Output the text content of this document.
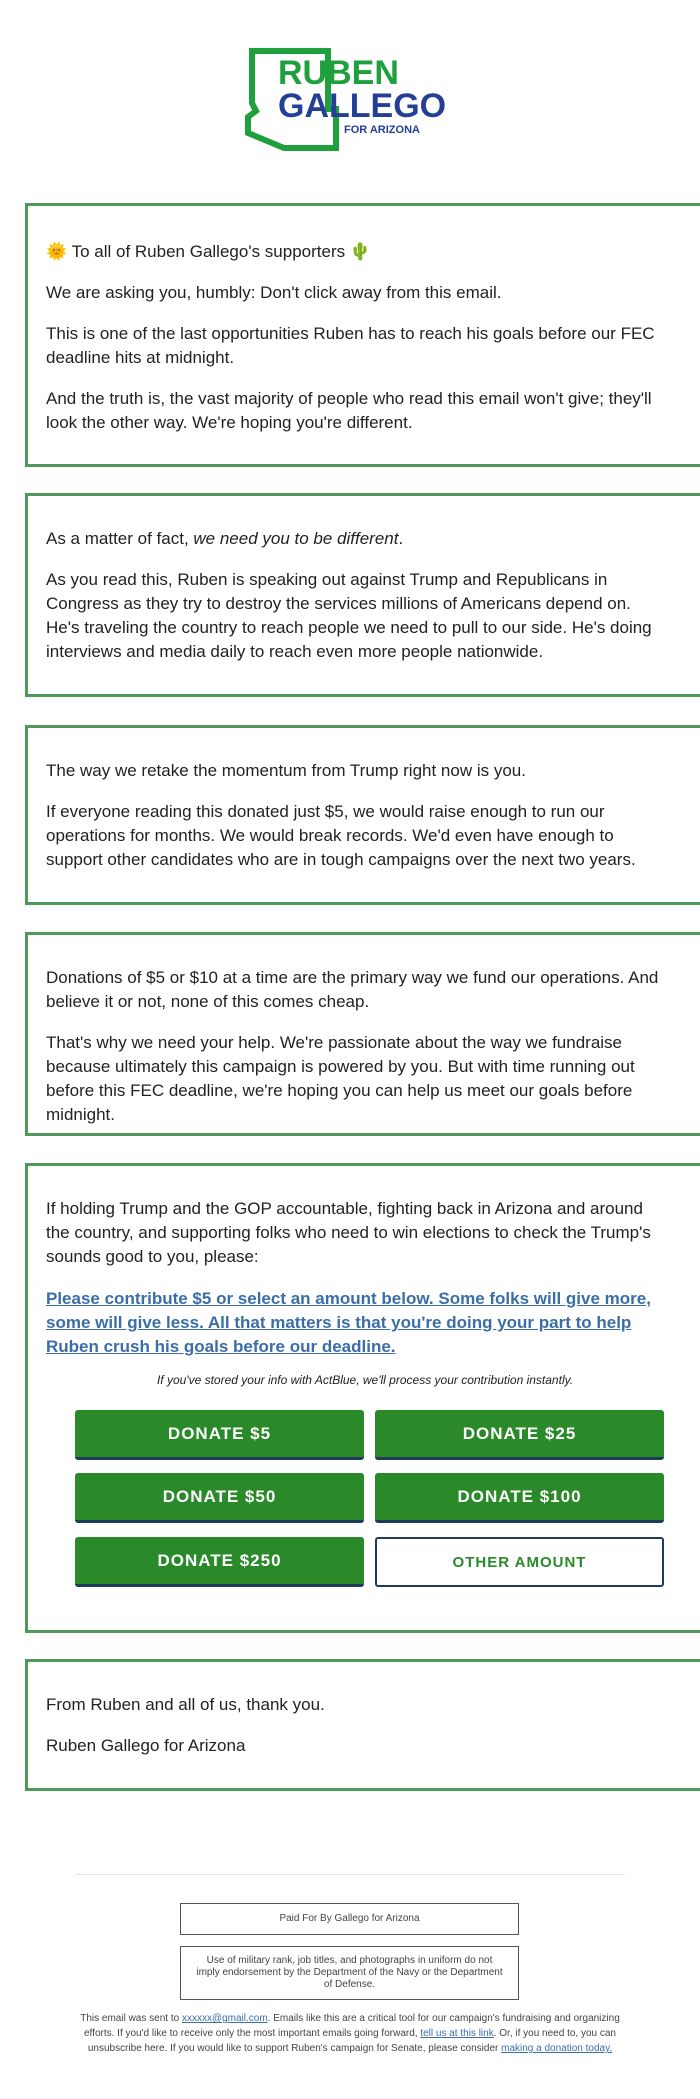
RUBEN
GALLEGO
FOR ARIZONA

🌞 To all of Ruben Gallego's supporters 🌵

We are asking you, humbly: Don't click away from this email.

This is one of the last opportunities Ruben has to reach his goals before our FEC deadline hits at midnight.

And the truth is, the vast majority of people who read this email won't give; they'll look the other way. We're hoping you're different.

As a matter of fact, we need you to be different.

As you read this, Ruben is speaking out against Trump and Republicans in Congress as they try to destroy the services millions of Americans depend on. He's traveling the country to reach people we need to pull to our side. He's doing interviews and media daily to reach even more people nationwide.

The way we retake the momentum from Trump right now is you.

If everyone reading this donated just $5, we would raise enough to run our operations for months. We would break records. We'd even have enough to support other candidates who are in tough campaigns over the next two years.

Donations of $5 or $10 at a time are the primary way we fund our operations. And believe it or not, none of this comes cheap.

That's why we need your help. We're passionate about the way we fundraise because ultimately this campaign is powered by you. But with time running out before this FEC deadline, we're hoping you can help us meet our goals before midnight.

If holding Trump and the GOP accountable, fighting back in Arizona and around the country, and supporting folks who need to win elections to check the Trump's sounds good to you, please:

Please contribute $5 or select an amount below. Some folks will give more, some will give less. All that matters is that you're doing your part to help Ruben crush his goals before our deadline.
If you've stored your info with ActBlue, we'll process your contribution instantly.
DONATE $5	DONATE $25
DONATE $50	DONATE $100
DONATE $250	OTHER AMOUNT

From Ruben and all of us, thank you.

Ruben Gallego for Arizona

Paid For By Gallego for Arizona
Use of military rank, job titles, and photographs in uniform do not imply endorsement by the Department of the Navy or the Department of Defense.
This email was sent to xxxxxx@gmail.com. Emails like this are a critical tool for our campaign's fundraising and organizing efforts. If you'd like to receive only the most important emails going forward, tell us at this link. Or, if you need to, you can unsubscribe here. If you would like to support Ruben's campaign for Senate, please consider making a donation today.
